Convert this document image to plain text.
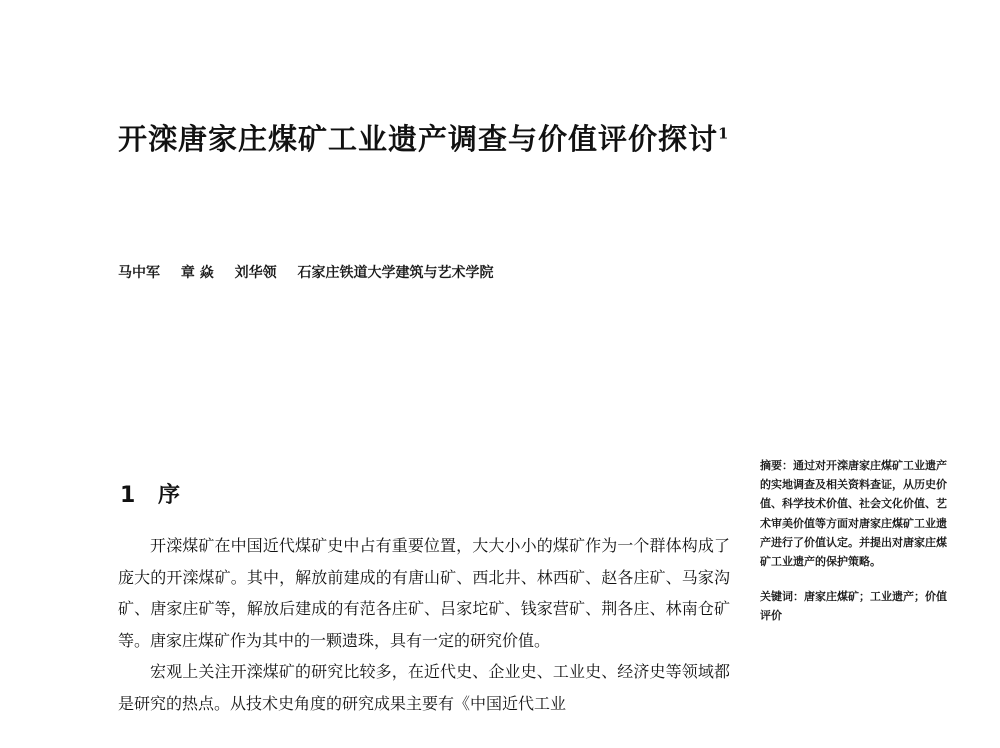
开滦唐家庄煤矿工业遗产调查与价值评价探讨$^1$
马中军 章 焱 刘华领 石家庄铁道大学建筑与艺术学院
1 序

开滦煤矿在中国近代煤矿史中占有重要位置，大大小小的煤矿作为一个群体构成了庞大的开滦煤矿。其中，解放前建成的有唐山矿、西北井、林西矿、赵各庄矿、马家沟矿、唐家庄矿等，解放后建成的有范各庄矿、吕家坨矿、钱家营矿、荆各庄、林南仓矿等。唐家庄煤矿作为其中的一颗遗珠，具有一定的研究价值。

宏观上关注开滦煤矿的研究比较多，在近代史、企业史、工业史、经济史等领域都是研究的热点。从技术史角度的研究成果主要有《中国近代工业

摘要：通过对开滦唐家庄煤矿工业遗产的实地调查及相关资料查证，从历史价值、科学技术价值、社会文化价值、艺术审美价值等方面对唐家庄煤矿工业遗产进行了价值认定。并提出对唐家庄煤矿工业遗产的保护策略。

关键词：唐家庄煤矿；工业遗产；价值评价
